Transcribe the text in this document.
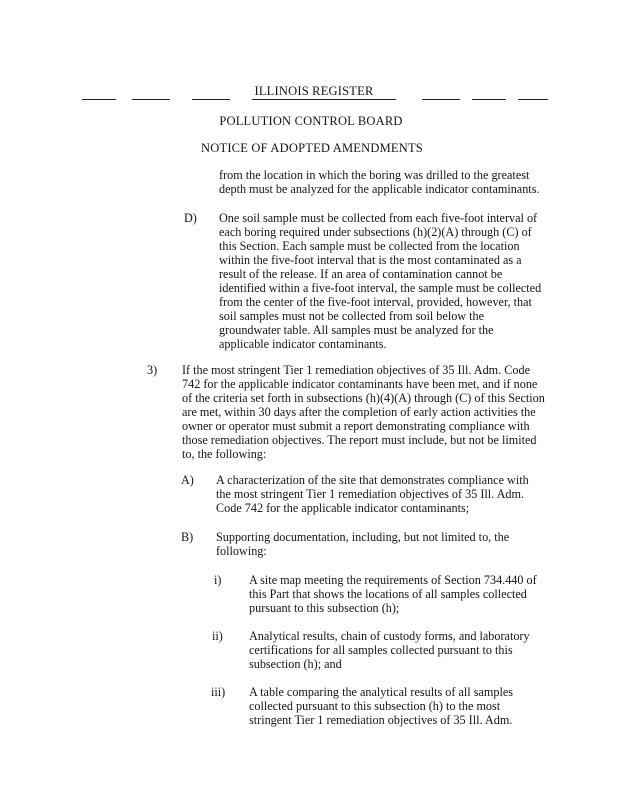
ILLINOIS REGISTER
POLLUTION CONTROL BOARD
NOTICE OF ADOPTED AMENDMENTS
from the location in which the boring was drilled to the greatest
depth must be analyzed for the applicable indicator contaminants.
D) One soil sample must be collected from each five-foot interval of
each boring required under subsections (h)(2)(A) through (C) of
this Section. Each sample must be collected from the location
within the five-foot interval that is the most contaminated as a
result of the release. If an area of contamination cannot be
identified within a five-foot interval, the sample must be collected
from the center of the five-foot interval, provided, however, that
soil samples must not be collected from soil below the
groundwater table. All samples must be analyzed for the
applicable indicator contaminants.
3) If the most stringent Tier 1 remediation objectives of 35 Ill. Adm. Code
742 for the applicable indicator contaminants have been met, and if none
of the criteria set forth in subsections (h)(4)(A) through (C) of this Section
are met, within 30 days after the completion of early action activities the
owner or operator must submit a report demonstrating compliance with
those remediation objectives. The report must include, but not be limited
to, the following:
A) A characterization of the site that demonstrates compliance with
the most stringent Tier 1 remediation objectives of 35 Ill. Adm.
Code 742 for the applicable indicator contaminants;
B) Supporting documentation, including, but not limited to, the
following:
i) A site map meeting the requirements of Section 734.440 of
this Part that shows the locations of all samples collected
pursuant to this subsection (h);
ii) Analytical results, chain of custody forms, and laboratory
certifications for all samples collected pursuant to this
subsection (h); and
iii) A table comparing the analytical results of all samples
collected pursuant to this subsection (h) to the most
stringent Tier 1 remediation objectives of 35 Ill. Adm.
